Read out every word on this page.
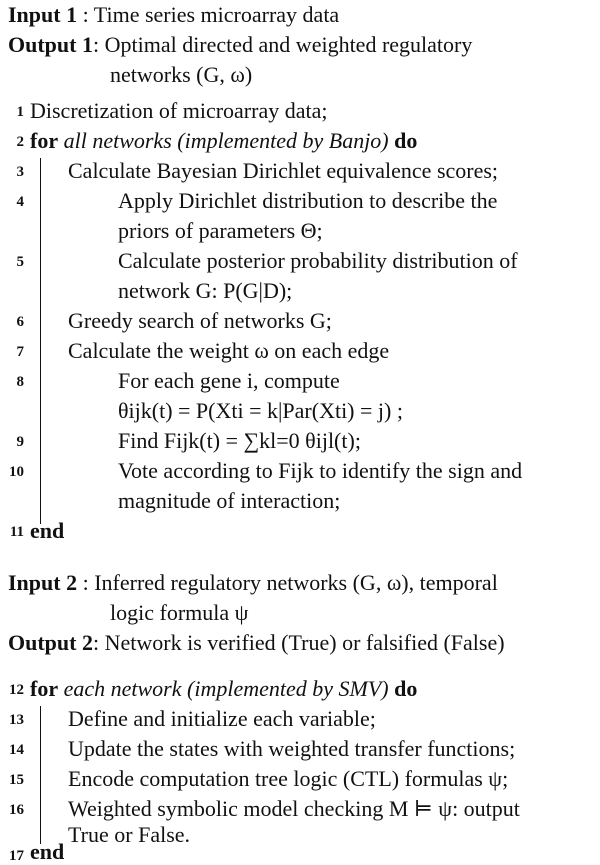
Input 1 : Time series microarray data
Output 1: Optimal directed and weighted regulatory
networks (G, ω)
1 Discretization of microarray data;
2 for all networks (implemented by Banjo) do
3 Calculate Bayesian Dirichlet equivalence scores;
4	Apply Dirichlet distribution to describe the
priors of parameters Θ;
5	Calculate posterior probability distribution of
network G: P(G|D);
6 Greedy search of networks G;
7 Calculate the weight ω on each edge
8	For each gene i, compute
θijk(t) = P(Xti = k|Par(Xti) = j) ;
9	Find Fijk(t) = ∑kl=0 θijl(t);
10	Vote according to Fijk to identify the sign and
magnitude of interaction;
11 end
Input 2 : Inferred regulatory networks (G, ω), temporal
logic formula ψ
Output 2: Network is verified (True) or falsified (False)
12 for each network (implemented by SMV) do
13 Define and initialize each variable;
14 Update the states with weighted transfer functions;
15 Encode computation tree logic (CTL) formulas ψ;
16 Weighted symbolic model checking M ⊨ ψ: output
True or False.
17 end
